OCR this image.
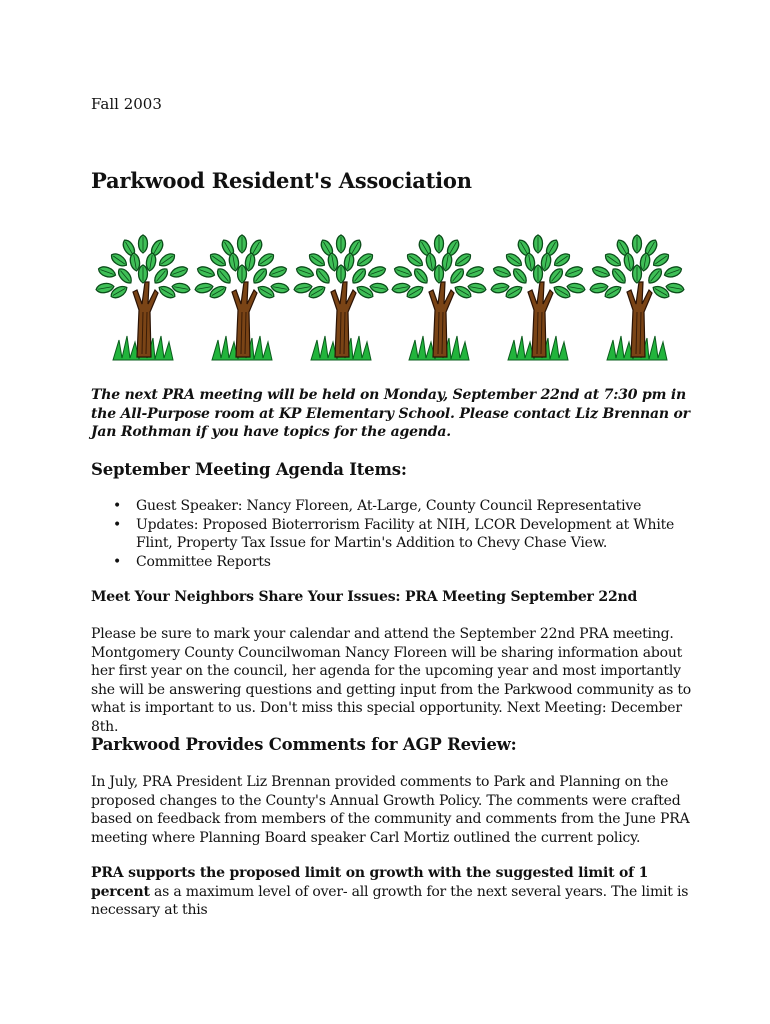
Fall 2003
Parkwood Resident's Association

The next PRA meeting will be held on Monday, September 22nd at 7:30 pm in the All-Purpose room at KP Elementary School. Please contact Liz Brennan or Jan Rothman if you have topics for the agenda.

September Meeting Agenda Items:
• Guest Speaker: Nancy Floreen, At-Large, County Council Representative
• Updates: Proposed Bioterrorism Facility at NIH, LCOR Development at White Flint, Property Tax Issue for Martin's Addition to Chevy Chase View.
• Committee Reports
Meet Your Neighbors Share Your Issues: PRA Meeting September 22nd

Please be sure to mark your calendar and attend the September 22nd PRA meeting. Montgomery County Councilwoman Nancy Floreen will be sharing information about her first year on the council, her agenda for the upcoming year and most importantly she will be answering questions and getting input from the Parkwood community as to what is important to us. Don't miss this special opportunity. Next Meeting: December 8th.

Parkwood Provides Comments for AGP Review:

In July, PRA President Liz Brennan provided comments to Park and Planning on the proposed changes to the County's Annual Growth Policy. The comments were crafted based on feedback from members of the community and comments from the June PRA meeting where Planning Board speaker Carl Mortiz outlined the current policy.

PRA supports the proposed limit on growth with the suggested limit of 1 percent as a maximum level of over- all growth for the next several years. The limit is necessary at this
